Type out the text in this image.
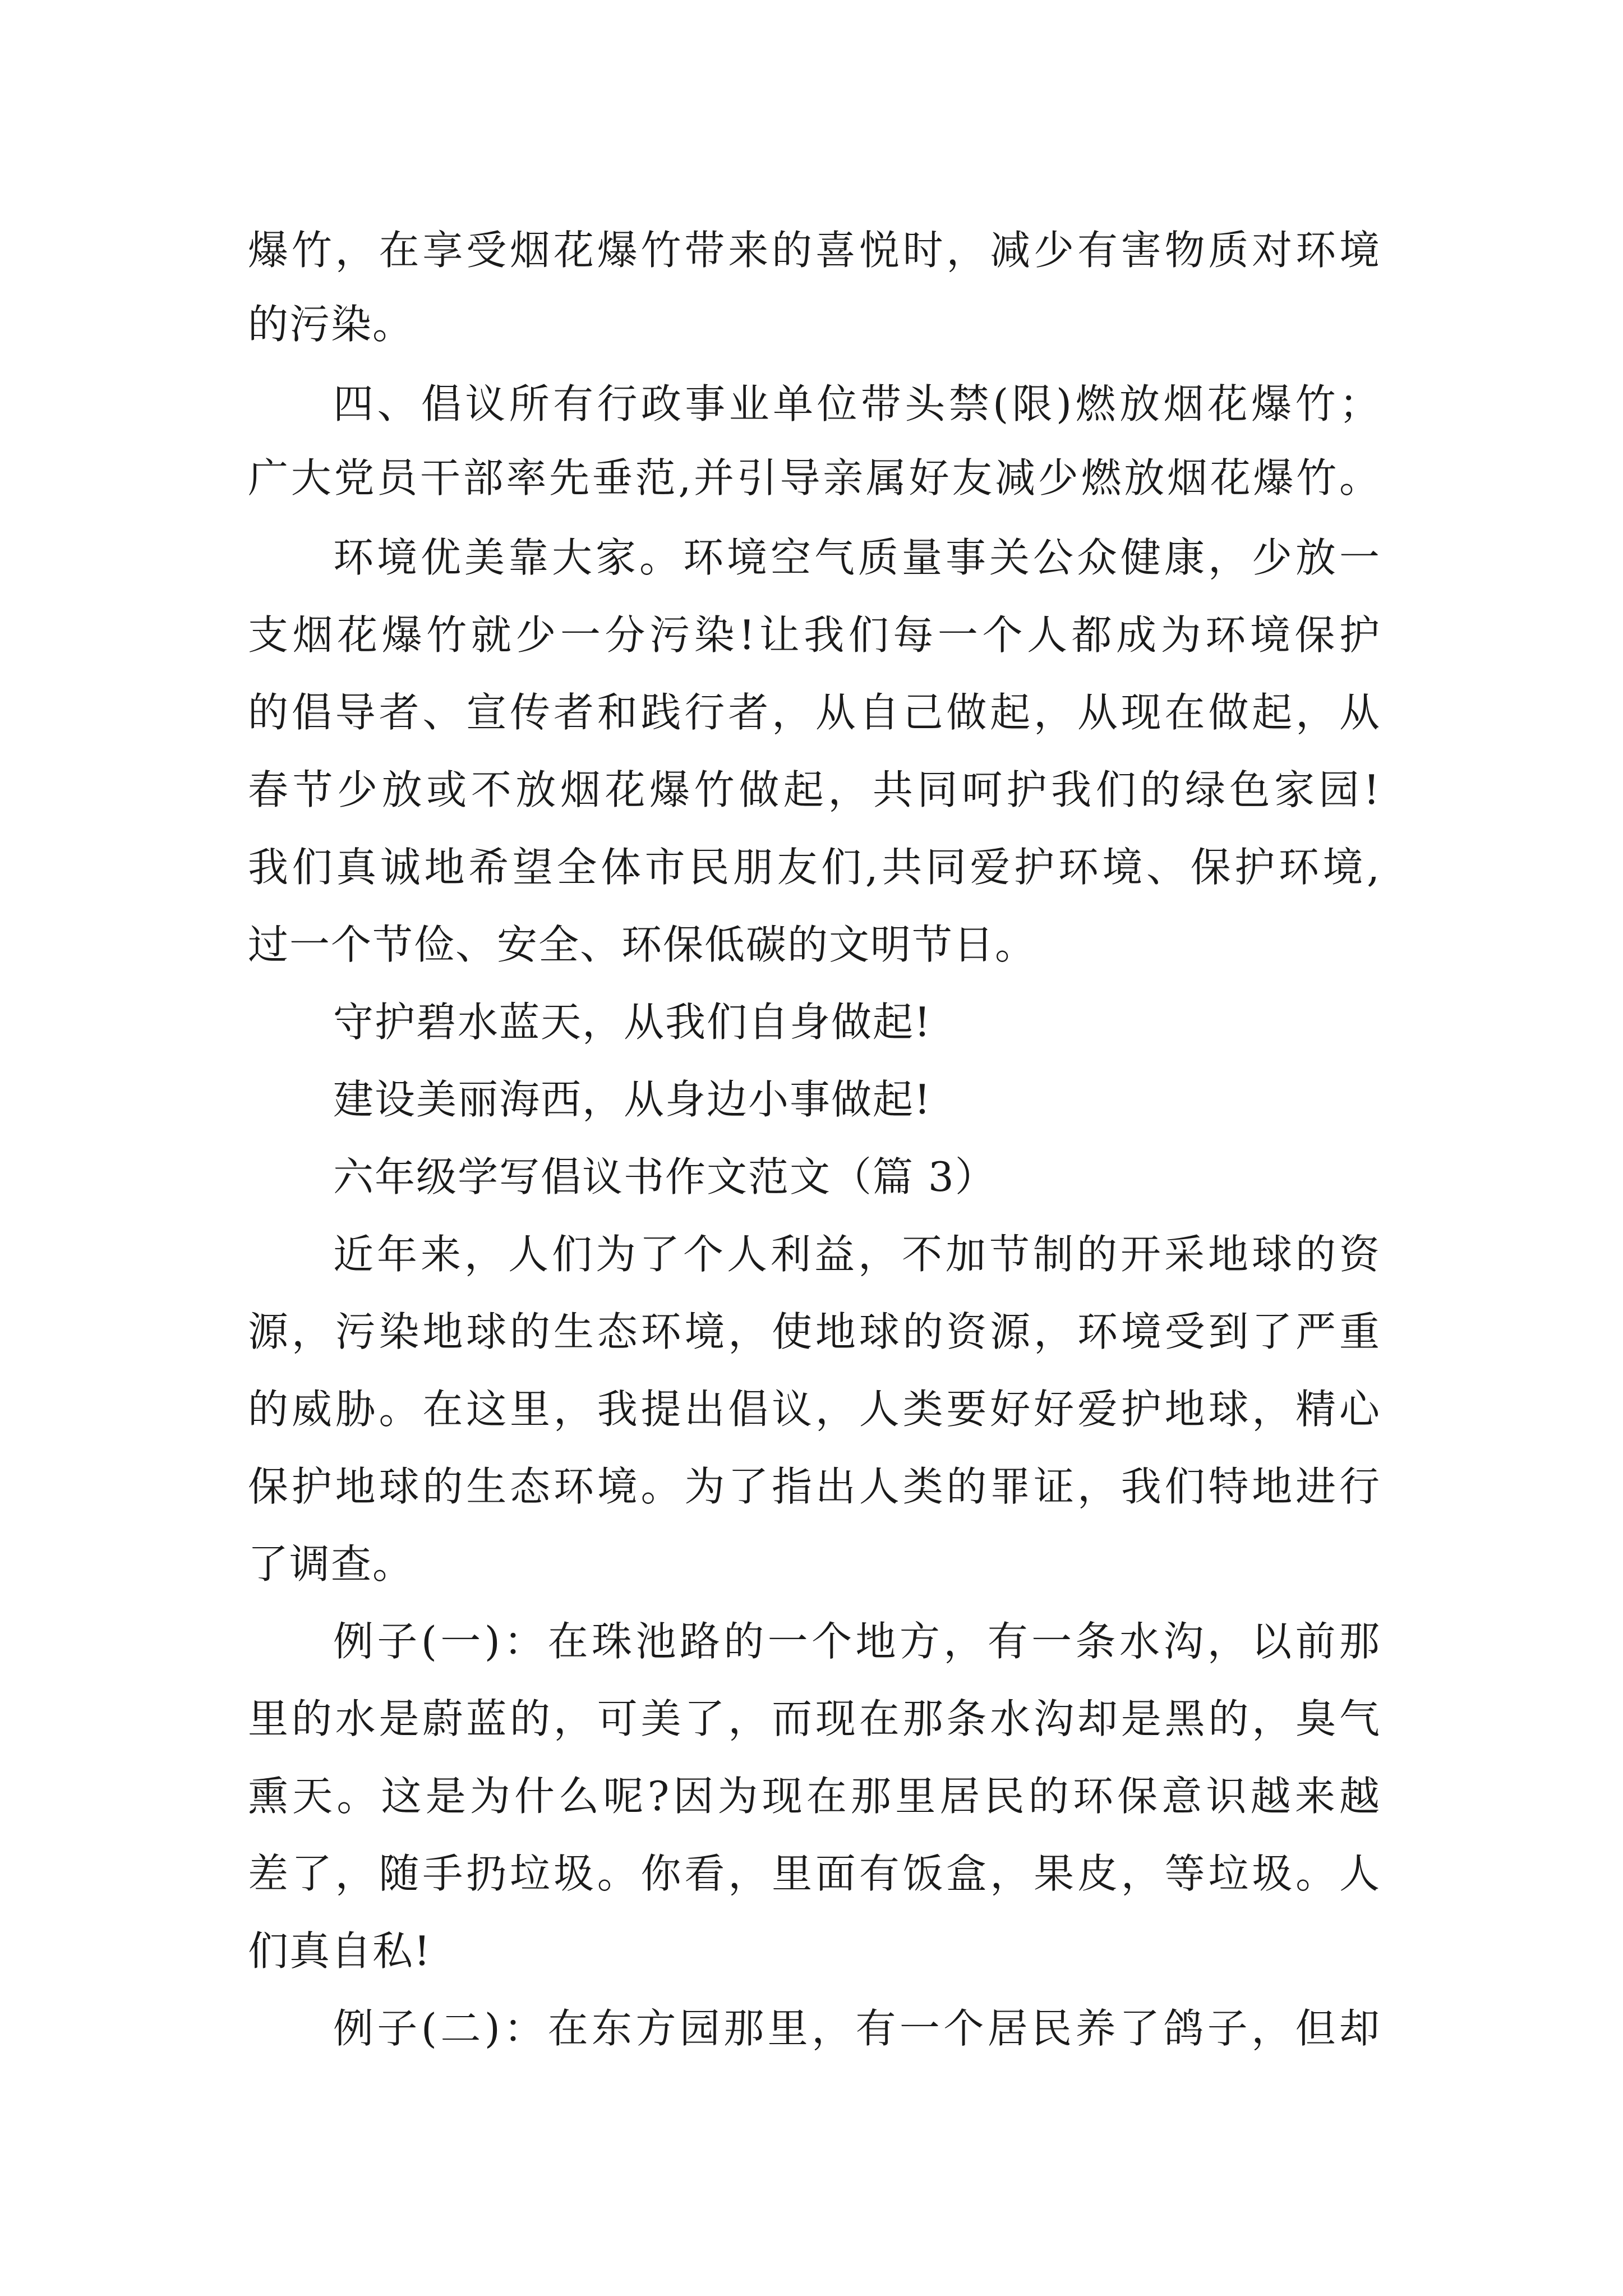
爆竹，在享受烟花爆竹带来的喜悦时，减少有害物质对环境
的污染。
四、倡议所有行政事业单位带头禁(限)燃放烟花爆竹；
广大党员干部率先垂范,并引导亲属好友减少燃放烟花爆竹。
环境优美靠大家。环境空气质量事关公众健康，少放一
支烟花爆竹就少一分污染!让我们每一个人都成为环境保护
的倡导者、宣传者和践行者，从自己做起，从现在做起，从
春节少放或不放烟花爆竹做起，共同呵护我们的绿色家园!
我们真诚地希望全体市民朋友们,共同爱护环境、保护环境,
过一个节俭、安全、环保低碳的文明节日。
守护碧水蓝天，从我们自身做起!
建设美丽海西，从身边小事做起!
六年级学写倡议书作文范文（篇 3）
近年来，人们为了个人利益，不加节制的开采地球的资
源，污染地球的生态环境，使地球的资源，环境受到了严重
的威胁。在这里，我提出倡议，人类要好好爱护地球，精心
保护地球的生态环境。为了指出人类的罪证，我们特地进行
了调查。
例子(一)：在珠池路的一个地方，有一条水沟，以前那
里的水是蔚蓝的，可美了，而现在那条水沟却是黑的，臭气
熏天。这是为什么呢?因为现在那里居民的环保意识越来越
差了，随手扔垃圾。你看，里面有饭盒，果皮，等垃圾。人
们真自私!
例子(二)：在东方园那里，有一个居民养了鸽子，但却
